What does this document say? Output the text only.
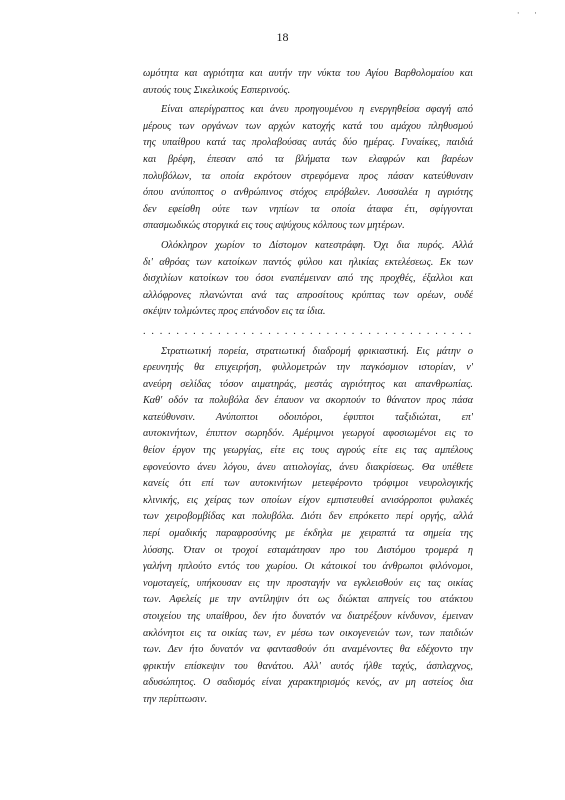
· ·
18
ωμότητα και αγριότητα και αυτήν την νύκτα του Αγίου Βαρθολομαίου και
αυτούς τους Σικελικούς Εσπερινούς.
Είναι απερίγραπτος και άνευ προηγουμένου η ενεργηθείσα σφαγή από
μέρους των οργάνων των αρχών κατοχής κατά του αμάχου πληθυσμού
της υπαίθρου κατά τας προλαβούσας αυτάς δύο ημέρας. Γυναίκες, παιδιά
και βρέφη, έπεσαν από τα βλήματα των ελαφρών και βαρέων
πολυβόλων, τα οποία εκρότουν στρεφόμενα προς πάσαν κατεύθυνσιν
όπου ανύποπτος ο ανθρώπινος στόχος επρόβαλεν. Λυσσαλέα η αγριότης
δεν εφείσθη ούτε των νηπίων τα οποία άταφα έτι, σφίγγονται
σπασμωδικώς στοργικά εις τους αψύχους κόλπους των μητέρων.
Ολόκληρον χωρίον το Δίστομον κατεστράφη. Όχι δια πυρός. Αλλά
δι' αθρόας των κατοίκων παντός φύλου και ηλικίας εκτελέσεως. Εκ των
δισχιλίων κατοίκων του όσοι εναπέμειναν από της προχθές, έξαλλοι και
αλλόφρονες πλανώνται ανά τας απροσίτους κρύπτας των ορέων, ουδέ
σκέψιν τολμώντες προς επάνοδον εις τα ίδια.
. . . . . . . . . . . . . . . . . . . . . . . . . . . . . . . . . . . . . . . .
Στρατιωτική πορεία, στρατιωτική διαδρομή φρικιαστική. Εις μάτην ο
ερευνητής θα επιχειρήση, φυλλομετρών την παγκόσμιον ιστορίαν, ν'
ανεύρη σελίδας τόσον αιματηράς, μεστάς αγριότητος και απανθρωπίας.
Καθ' οδόν τα πολυβόλα δεν έπαυον να σκορπούν το θάνατον προς πάσα
κατεύθυνσιν. Ανύποπτοι οδοιπόροι, έφιπποι ταξιδιώται, επ'
αυτοκινήτων, έπιπτον σωρηδόν. Αμέριμνοι γεωργοί αφοσιωμένοι εις το
θείον έργον της γεωργίας, είτε εις τους αγρούς είτε εις τας αμπέλους
εφονεύοντο άνευ λόγου, άνευ αιτιολογίας, άνευ διακρίσεως. Θα υπέθετε
κανείς ότι επί των αυτοκινήτων μετεφέροντο τρόφιμοι νευρολογικής
κλινικής, εις χείρας των οποίων είχον εμπιστευθεί ανισόρροποι φυλακές
των χειροβομβίδας και πολυβόλα. Διότι δεν επρόκειτο περί οργής, αλλά
περί ομαδικής παραφροσύνης με έκδηλα με χειραπτά τα σημεία της
λύσσης. Όταν οι τροχοί εσταμάτησαν προ του Διστόμου τρομερά η
γαλήνη ηπλούτο εντός του χωρίου. Οι κάτοικοί του άνθρωποι φιλόνομοι,
νομοταγείς, υπήκουσαν εις την προσταγήν να εγκλεισθούν εις τας οικίας
των. Αφελείς με την αντίληψιν ότι ως διώκται απηνείς του ατάκτου
στοιχείου της υπαίθρου, δεν ήτο δυνατόν να διατρέξουν κίνδυνον, έμειναν
ακλόνητοι εις τα οικίας των, εν μέσω των οικογενειών των, των παιδιών
των. Δεν ήτο δυνατόν να φαντασθούν ότι αναμένοντες θα εδέχοντο την
φρικτήν επίσκεψιν του θανάτου. Αλλ' αυτός ήλθε ταχύς, άσπλαχνος,
αδυσώπητος. Ο σαδισμός είναι χαρακτηρισμός κενός, αν μη αστείος δια
την περίπτωσιν.
